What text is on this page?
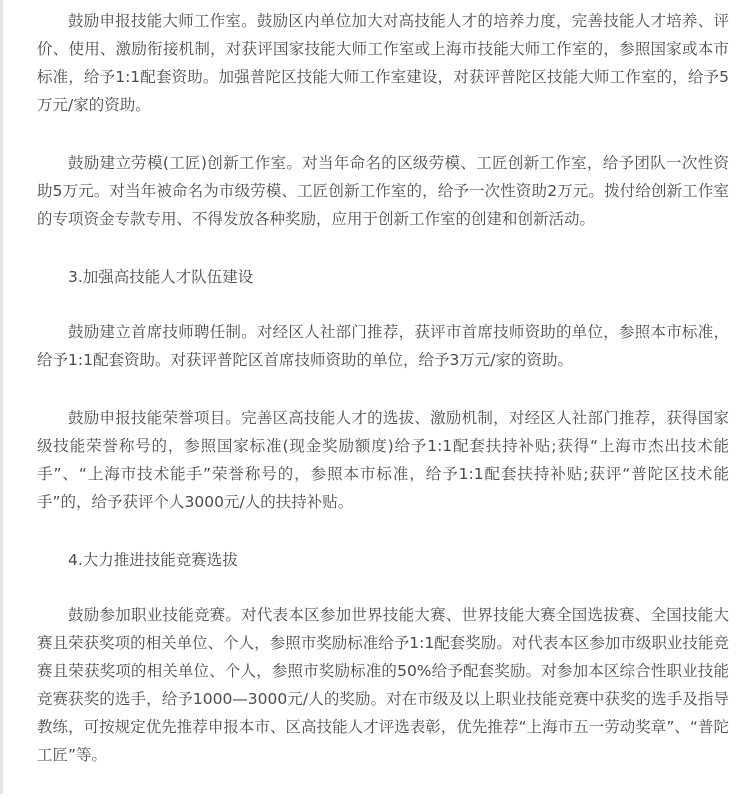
鼓励申报技能大师工作室。鼓励区内单位加大对高技能人才的培养力度，完善技能人才培养、评价、使用、激励衔接机制，对获评国家技能大师工作室或上海市技能大师工作室的，参照国家或本市标准，给予1:1配套资助。加强普陀区技能大师工作室建设，对获评普陀区技能大师工作室的，给予5万元/家的资助。

鼓励建立劳模(工匠)创新工作室。对当年命名的区级劳模、工匠创新工作室，给予团队一次性资助5万元。对当年被命名为市级劳模、工匠创新工作室的，给予一次性资助2万元。拨付给创新工作室的专项资金专款专用、不得发放各种奖励，应用于创新工作室的创建和创新活动。

3.加强高技能人才队伍建设

鼓励建立首席技师聘任制。对经区人社部门推荐，获评市首席技师资助的单位，参照本市标准，给予1:1配套资助。对获评普陀区首席技师资助的单位，给予3万元/家的资助。

鼓励申报技能荣誉项目。完善区高技能人才的选拔、激励机制，对经区人社部门推荐，获得国家级技能荣誉称号的，参照国家标准(现金奖励额度)给予1:1配套扶持补贴;获得“上海市杰出技术能手”、“上海市技术能手”荣誉称号的，参照本市标准，给予1:1配套扶持补贴;获评“普陀区技术能手”的，给予获评个人3000元/人的扶持补贴。

4.大力推进技能竞赛选拔

鼓励参加职业技能竞赛。对代表本区参加世界技能大赛、世界技能大赛全国选拔赛、全国技能大赛且荣获奖项的相关单位、个人，参照市奖励标准给予1:1配套奖励。对代表本区参加市级职业技能竞赛且荣获奖项的相关单位、个人，参照市奖励标准的50%给予配套奖励。对参加本区综合性职业技能竞赛获奖的选手，给予1000—3000元/人的奖励。对在市级及以上职业技能竞赛中获奖的选手及指导教练，可按规定优先推荐申报本市、区高技能人才评选表彰，优先推荐“上海市五一劳动奖章”、“普陀工匠”等。
